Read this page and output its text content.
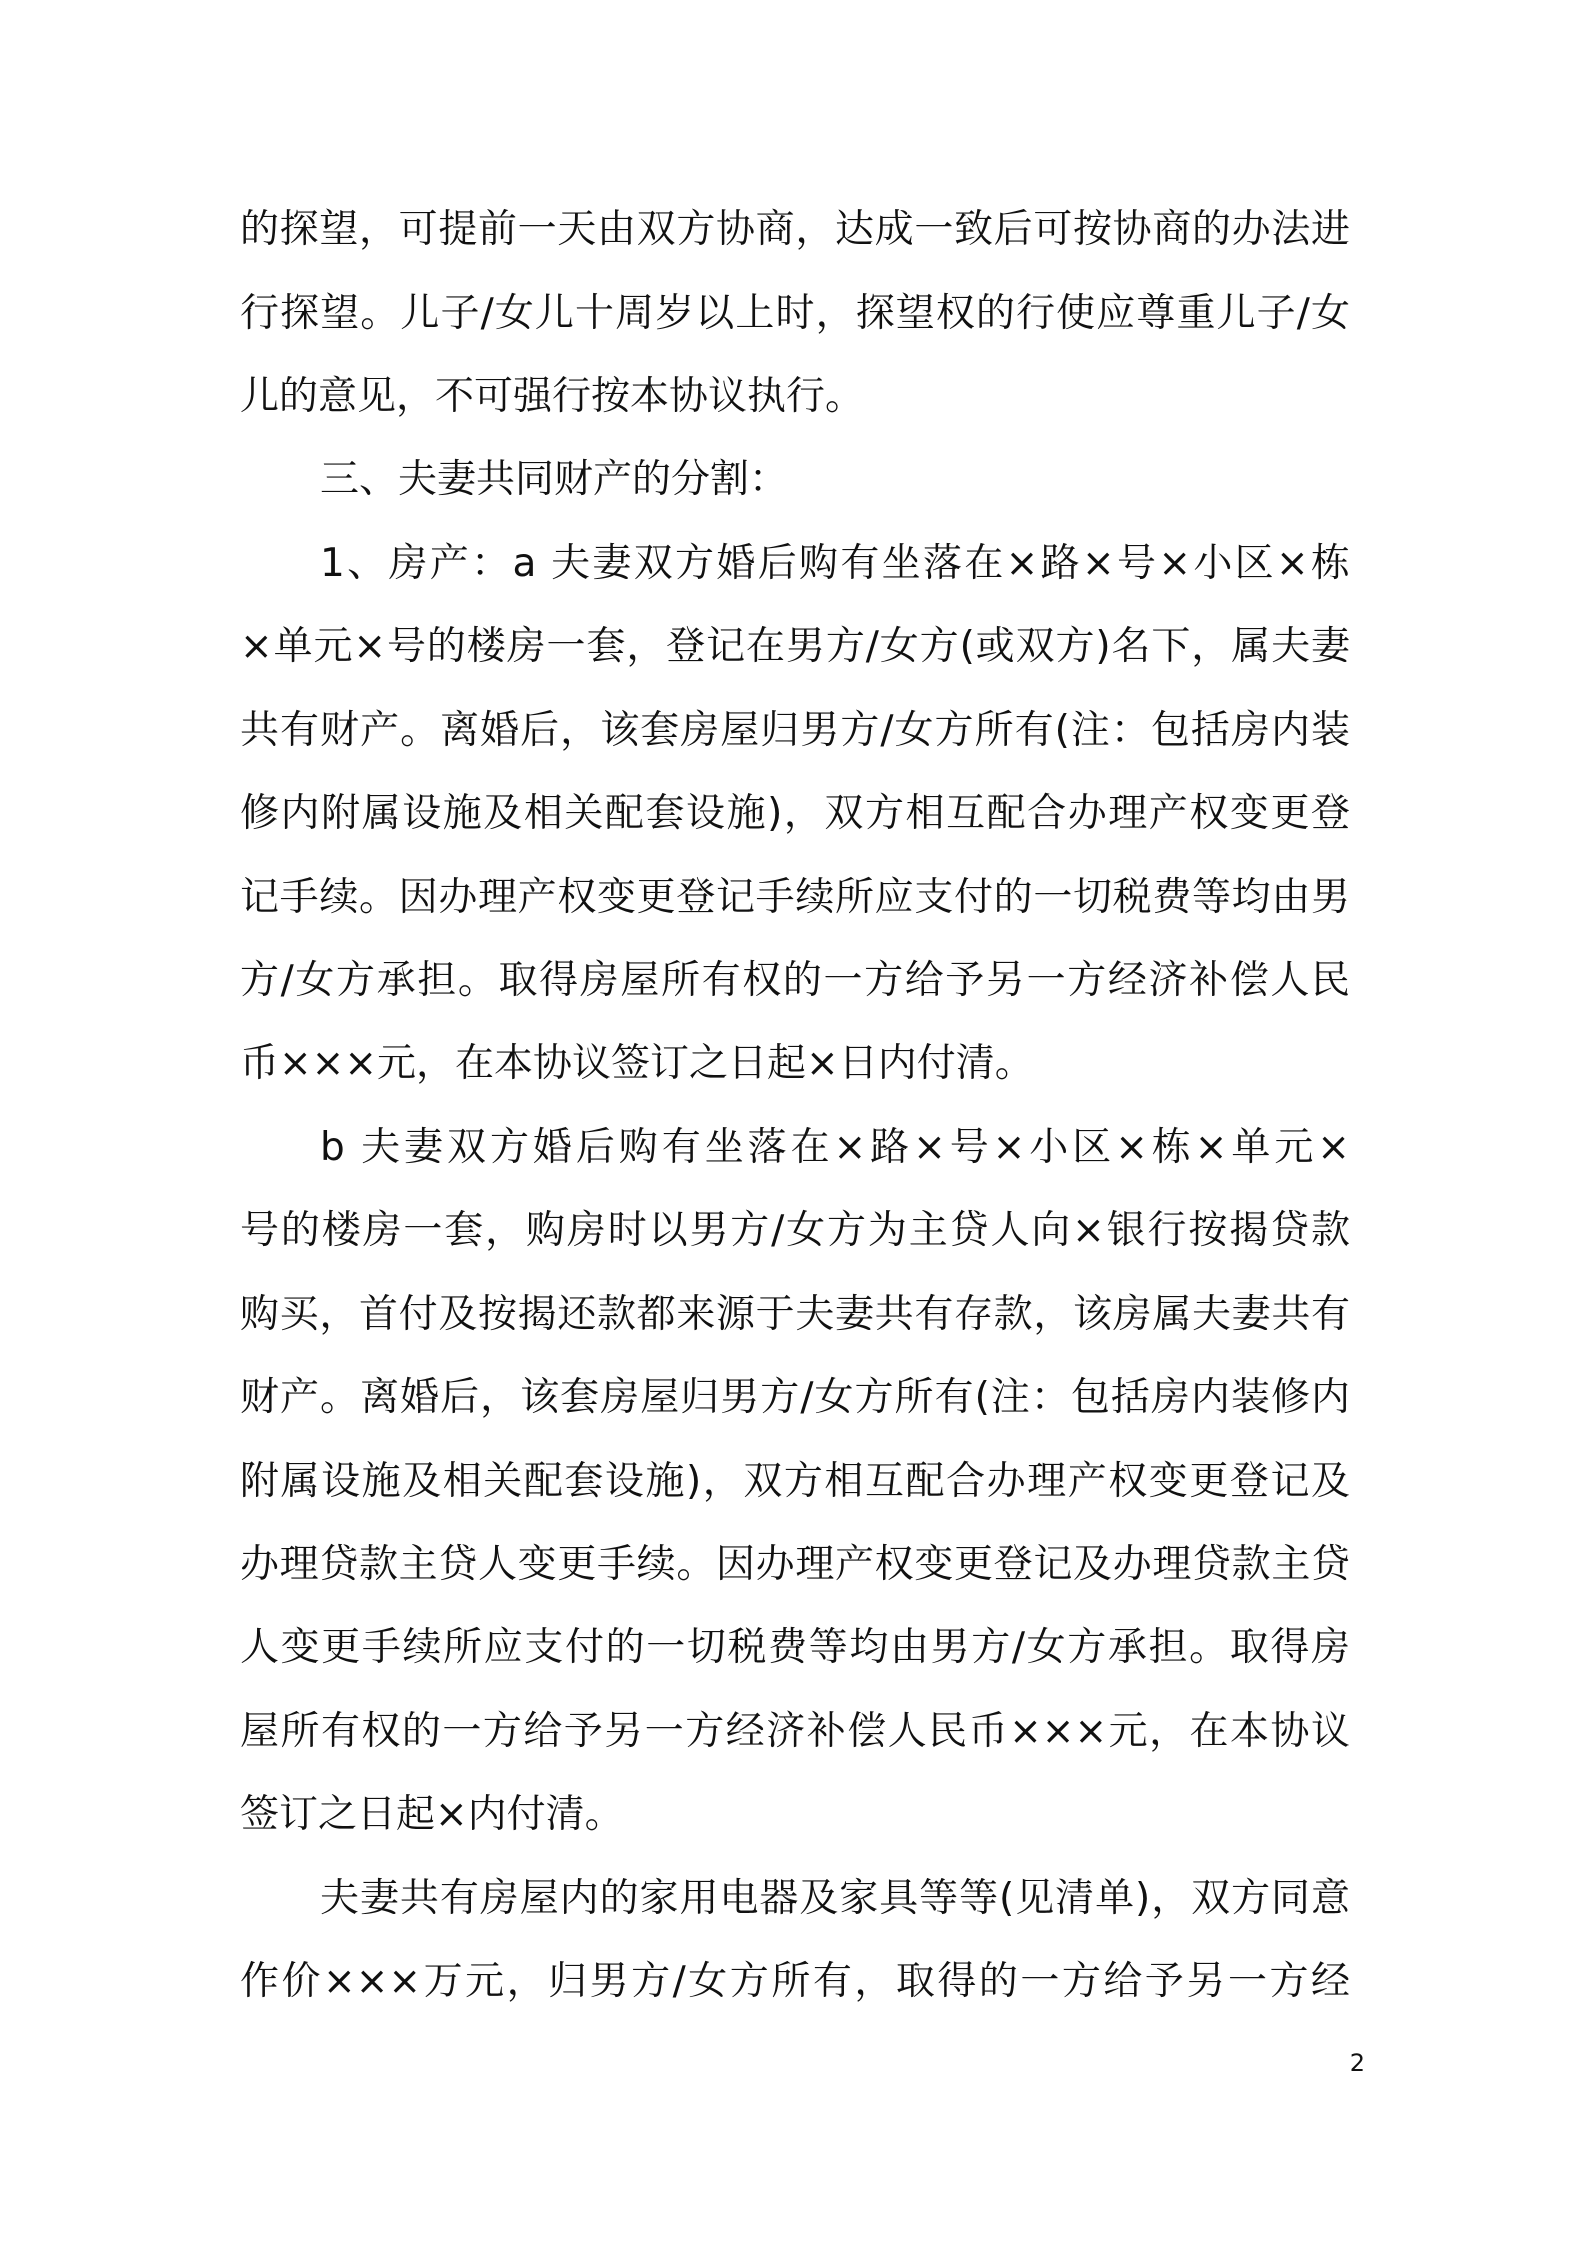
的探望，可提前一天由双方协商，达成一致后可按协商的办法进
行探望。儿子/女儿十周岁以上时，探望权的行使应尊重儿子/女
儿的意见，不可强行按本协议执行。
三、夫妻共同财产的分割：
1、房产：a 夫妻双方婚后购有坐落在×路×号×小区×栋
×单元×号的楼房一套，登记在男方/女方(或双方)名下，属夫妻
共有财产。离婚后，该套房屋归男方/女方所有(注：包括房内装
修内附属设施及相关配套设施)，双方相互配合办理产权变更登
记手续。因办理产权变更登记手续所应支付的一切税费等均由男
方/女方承担。取得房屋所有权的一方给予另一方经济补偿人民
币×××元，在本协议签订之日起×日内付清。
b 夫妻双方婚后购有坐落在×路×号×小区×栋×单元×
号的楼房一套，购房时以男方/女方为主贷人向×银行按揭贷款
购买，首付及按揭还款都来源于夫妻共有存款，该房属夫妻共有
财产。离婚后，该套房屋归男方/女方所有(注：包括房内装修内
附属设施及相关配套设施)，双方相互配合办理产权变更登记及
办理贷款主贷人变更手续。因办理产权变更登记及办理贷款主贷
人变更手续所应支付的一切税费等均由男方/女方承担。取得房
屋所有权的一方给予另一方经济补偿人民币×××元，在本协议
签订之日起×内付清。
夫妻共有房屋内的家用电器及家具等等(见清单)，双方同意
作价×××万元，归男方/女方所有，取得的一方给予另一方经
2
